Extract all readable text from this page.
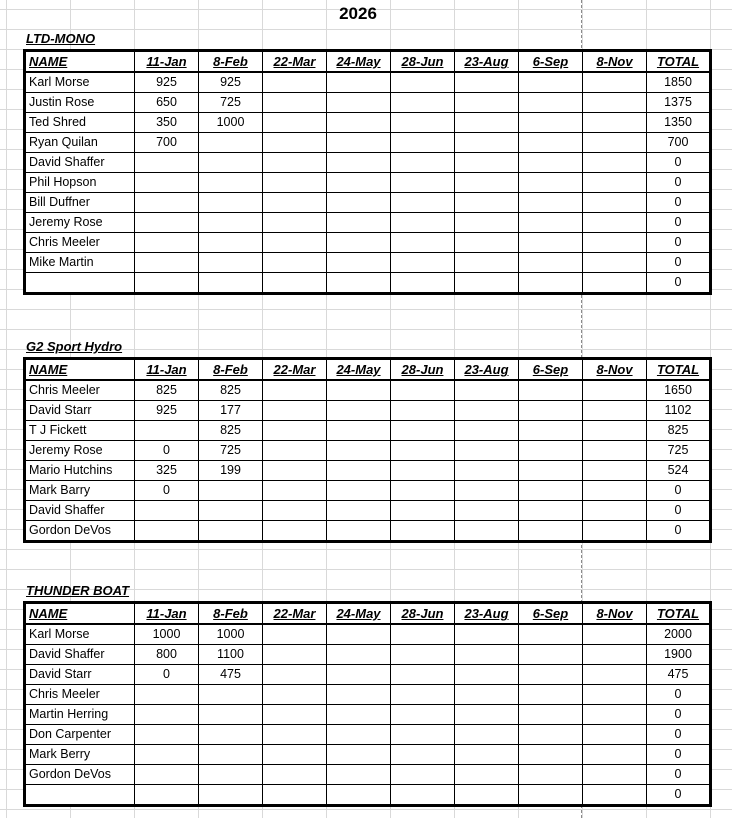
2026
LTD-MONO
NAME	11-Jan	8-Feb	22-Mar	24-May	28-Jun	23-Aug	6-Sep	8-Nov	TOTAL
Karl Morse	925	925							1850
Justin Rose	650	725							1375
Ted Shred	350	1000							1350
Ryan Quilan	700								700
David Shaffer									0
Phil Hopson									0
Bill Duffner									0
Jeremy Rose									0
Chris Meeler									0
Mike Martin									0
									0
G2 Sport Hydro
NAME	11-Jan	8-Feb	22-Mar	24-May	28-Jun	23-Aug	6-Sep	8-Nov	TOTAL
Chris Meeler	825	825							1650
David Starr	925	177							1102
T J Fickett		825							825
Jeremy Rose	0	725							725
Mario Hutchins	325	199							524
Mark Barry	0								0
David Shaffer									0
Gordon DeVos									0
THUNDER BOAT
NAME	11-Jan	8-Feb	22-Mar	24-May	28-Jun	23-Aug	6-Sep	8-Nov	TOTAL
Karl Morse	1000	1000							2000
David Shaffer	800	1100							1900
David Starr	0	475							475
Chris Meeler									0
Martin Herring									0
Don Carpenter									0
Mark Berry									0
Gordon DeVos									0
									0
